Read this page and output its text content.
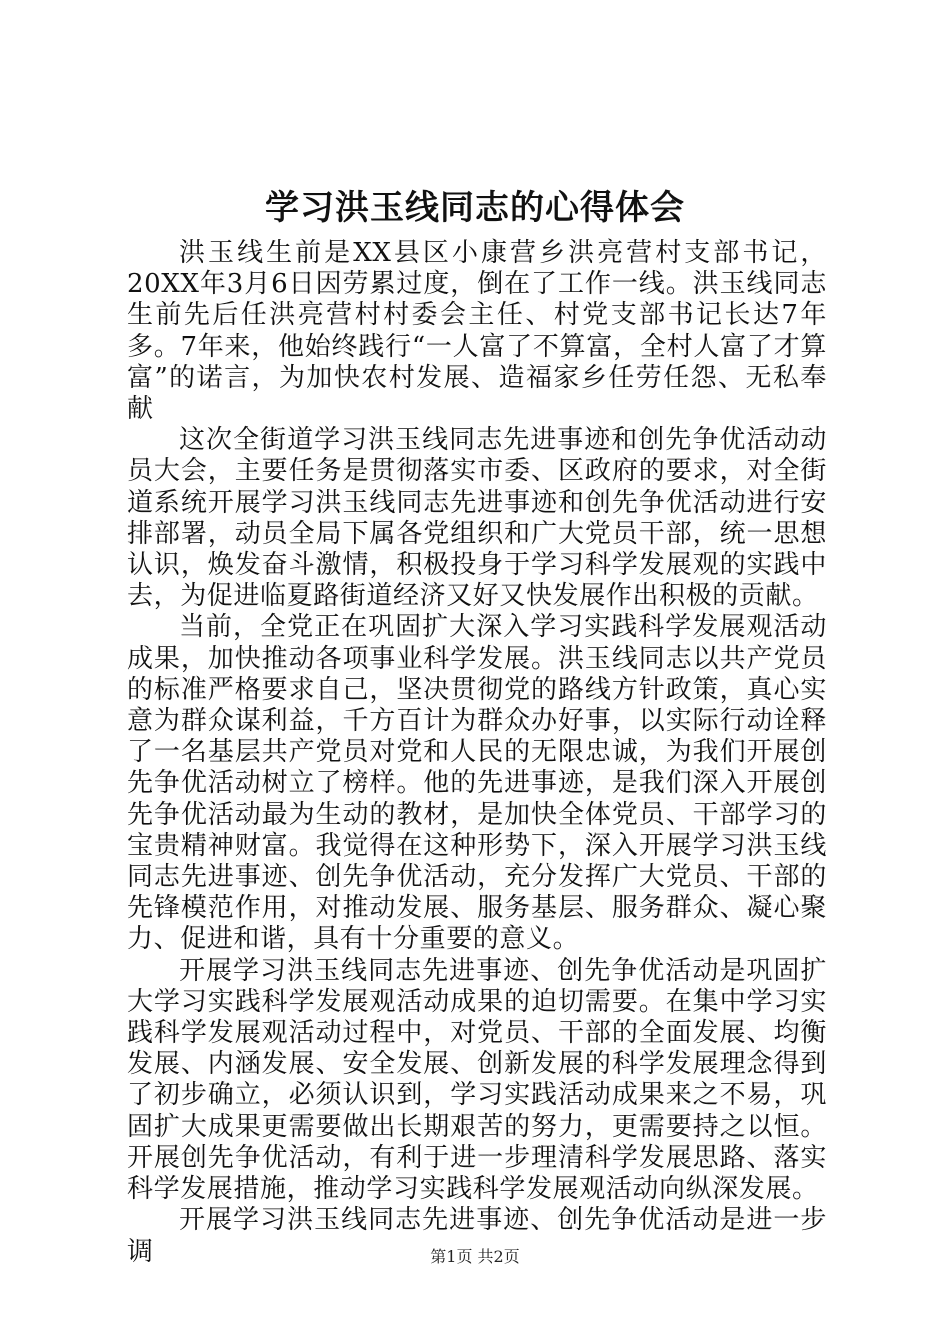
学习洪玉线同志的心得体会

洪玉线生前是XX县区小康营乡洪亮营村支部书记，20XX年3月6日因劳累过度，倒在了工作一线。洪玉线同志生前先后任洪亮营村村委会主任、村党支部书记长达7年多。7年来，他始终践行“一人富了不算富，全村人富了才算富”的诺言，为加快农村发展、造福家乡任劳任怨、无私奉献

这次全街道学习洪玉线同志先进事迹和创先争优活动动员大会，主要任务是贯彻落实市委、区政府的要求，对全街道系统开展学习洪玉线同志先进事迹和创先争优活动进行安排部署，动员全局下属各党组织和广大党员干部，统一思想认识，焕发奋斗激情，积极投身于学习科学发展观的实践中去，为促进临夏路街道经济又好又快发展作出积极的贡献。

当前，全党正在巩固扩大深入学习实践科学发展观活动成果，加快推动各项事业科学发展。洪玉线同志以共产党员的标准严格要求自己，坚决贯彻党的路线方针政策，真心实意为群众谋利益，千方百计为群众办好事，以实际行动诠释了一名基层共产党员对党和人民的无限忠诚，为我们开展创先争优活动树立了榜样。他的先进事迹，是我们深入开展创先争优活动最为生动的教材，是加快全体党员、干部学习的宝贵精神财富。我觉得在这种形势下，深入开展学习洪玉线同志先进事迹、创先争优活动，充分发挥广大党员、干部的先锋模范作用，对推动发展、服务基层、服务群众、凝心聚力、促进和谐，具有十分重要的意义。

开展学习洪玉线同志先进事迹、创先争优活动是巩固扩大学习实践科学发展观活动成果的迫切需要。在集中学习实践科学发展观活动过程中，对党员、干部的全面发展、均衡发展、内涵发展、安全发展、创新发展的科学发展理念得到了初步确立，必须认识到，学习实践活动成果来之不易，巩固扩大成果更需要做出长期艰苦的努力，更需要持之以恒。开展创先争优活动，有利于进一步理清科学发展思路、落实科学发展措施，推动学习实践科学发展观活动向纵深发展。

开展学习洪玉线同志先进事迹、创先争优活动是进一步调	第1页 共2页
